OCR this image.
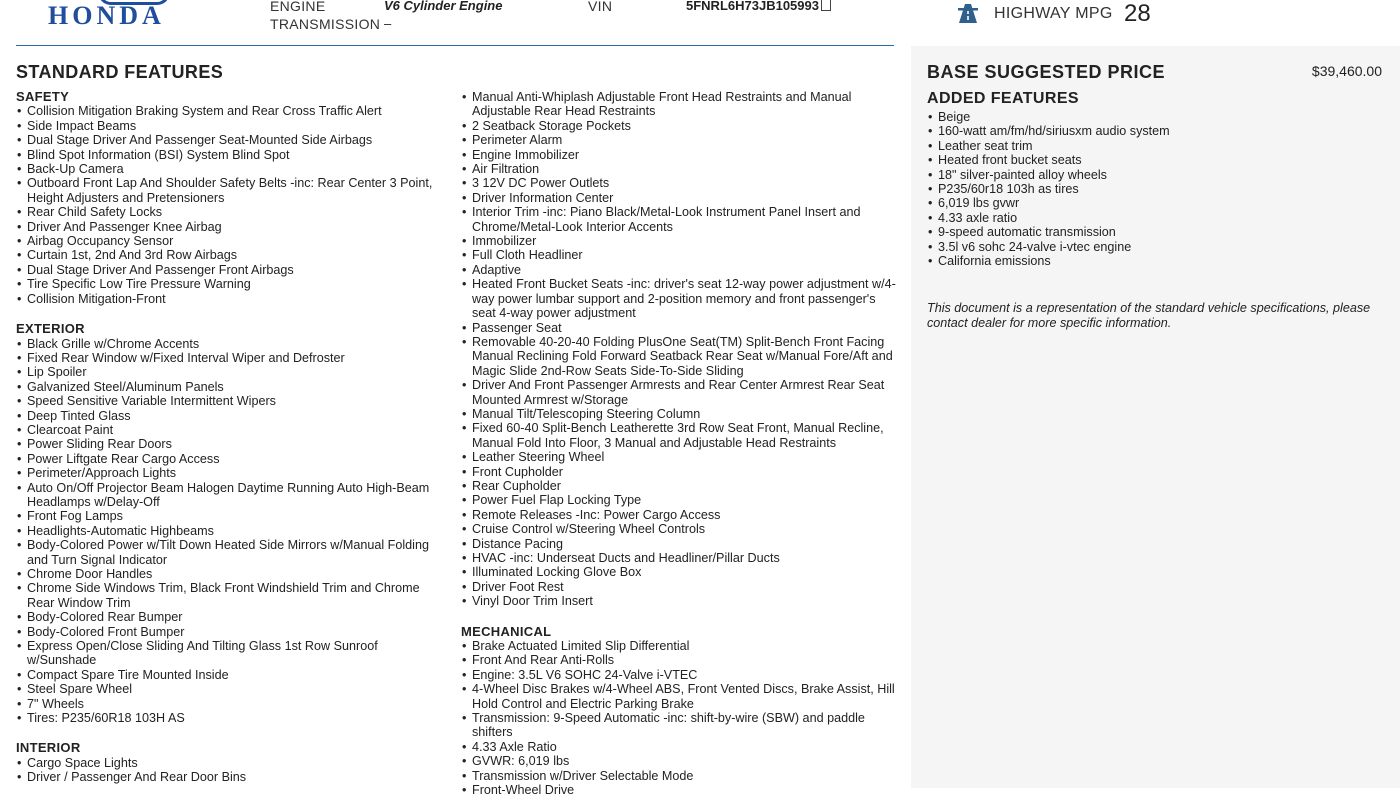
HONDA	ENGINE	V6 Cylinder Engine
TRANSMISSION –
VIN	5FNRL6H73JB105993	HIGHWAY MPG 28
STANDARD FEATURES
SAFETY
• Collision Mitigation Braking System and Rear Cross Traffic Alert
• Side Impact Beams
• Dual Stage Driver And Passenger Seat-Mounted Side Airbags
• Blind Spot Information (BSI) System Blind Spot
• Back-Up Camera
• Outboard Front Lap And Shoulder Safety Belts -inc: Rear Center 3 Point, Height Adjusters and Pretensioners
• Rear Child Safety Locks
• Driver And Passenger Knee Airbag
• Airbag Occupancy Sensor
• Curtain 1st, 2nd And 3rd Row Airbags
• Dual Stage Driver And Passenger Front Airbags
• Tire Specific Low Tire Pressure Warning
• Collision Mitigation-Front
EXTERIOR
• Black Grille w/Chrome Accents
• Fixed Rear Window w/Fixed Interval Wiper and Defroster
• Lip Spoiler
• Galvanized Steel/Aluminum Panels
• Speed Sensitive Variable Intermittent Wipers
• Deep Tinted Glass
• Clearcoat Paint
• Power Sliding Rear Doors
• Power Liftgate Rear Cargo Access
• Perimeter/Approach Lights
• Auto On/Off Projector Beam Halogen Daytime Running Auto High-Beam Headlamps w/Delay-Off
• Front Fog Lamps
• Headlights-Automatic Highbeams
• Body-Colored Power w/Tilt Down Heated Side Mirrors w/Manual Folding and Turn Signal Indicator
• Chrome Door Handles
• Chrome Side Windows Trim, Black Front Windshield Trim and Chrome Rear Window Trim
• Body-Colored Rear Bumper
• Body-Colored Front Bumper
• Express Open/Close Sliding And Tilting Glass 1st Row Sunroof w/Sunshade
• Compact Spare Tire Mounted Inside
• Steel Spare Wheel
• 7" Wheels
• Tires: P235/60R18 103H AS
INTERIOR
• Cargo Space Lights
• Driver / Passenger And Rear Door Bins
• Manual Anti-Whiplash Adjustable Front Head Restraints and Manual Adjustable Rear Head Restraints
• 2 Seatback Storage Pockets
• Perimeter Alarm
• Engine Immobilizer
• Air Filtration
• 3 12V DC Power Outlets
• Driver Information Center
• Interior Trim -inc: Piano Black/Metal-Look Instrument Panel Insert and Chrome/Metal-Look Interior Accents
• Immobilizer
• Full Cloth Headliner
• Adaptive
• Heated Front Bucket Seats -inc: driver's seat 12-way power adjustment w/4-way power lumbar support and 2-position memory and front passenger's seat 4-way power adjustment
• Passenger Seat
• Removable 40-20-40 Folding PlusOne Seat(TM) Split-Bench Front Facing Manual Reclining Fold Forward Seatback Rear Seat w/Manual Fore/Aft and Magic Slide 2nd-Row Seats Side-To-Side Sliding
• Driver And Front Passenger Armrests and Rear Center Armrest Rear Seat Mounted Armrest w/Storage
• Manual Tilt/Telescoping Steering Column
• Fixed 60-40 Split-Bench Leatherette 3rd Row Seat Front, Manual Recline, Manual Fold Into Floor, 3 Manual and Adjustable Head Restraints
• Leather Steering Wheel
• Front Cupholder
• Rear Cupholder
• Power Fuel Flap Locking Type
• Remote Releases -Inc: Power Cargo Access
• Cruise Control w/Steering Wheel Controls
• Distance Pacing
• HVAC -inc: Underseat Ducts and Headliner/Pillar Ducts
• Illuminated Locking Glove Box
• Driver Foot Rest
• Vinyl Door Trim Insert
MECHANICAL
• Brake Actuated Limited Slip Differential
• Front And Rear Anti-Rolls
• Engine: 3.5L V6 SOHC 24-Valve i-VTEC
• 4-Wheel Disc Brakes w/4-Wheel ABS, Front Vented Discs, Brake Assist, Hill Hold Control and Electric Parking Brake
• Transmission: 9-Speed Automatic -inc: shift-by-wire (SBW) and paddle shifters
• 4.33 Axle Ratio
• GVWR: 6,019 lbs
• Transmission w/Driver Selectable Mode
• Front-Wheel Drive
BASE SUGGESTED PRICE	$39,460.00
ADDED FEATURES
• Beige
• 160-watt am/fm/hd/siriusxm audio system
• Leather seat trim
• Heated front bucket seats
• 18" silver-painted alloy wheels
• P235/60r18 103h as tires
• 6,019 lbs gvwr
• 4.33 axle ratio
• 9-speed automatic transmission
• 3.5l v6 sohc 24-valve i-vtec engine
• California emissions
This document is a representation of the standard vehicle specifications, please contact dealer for more specific information.
